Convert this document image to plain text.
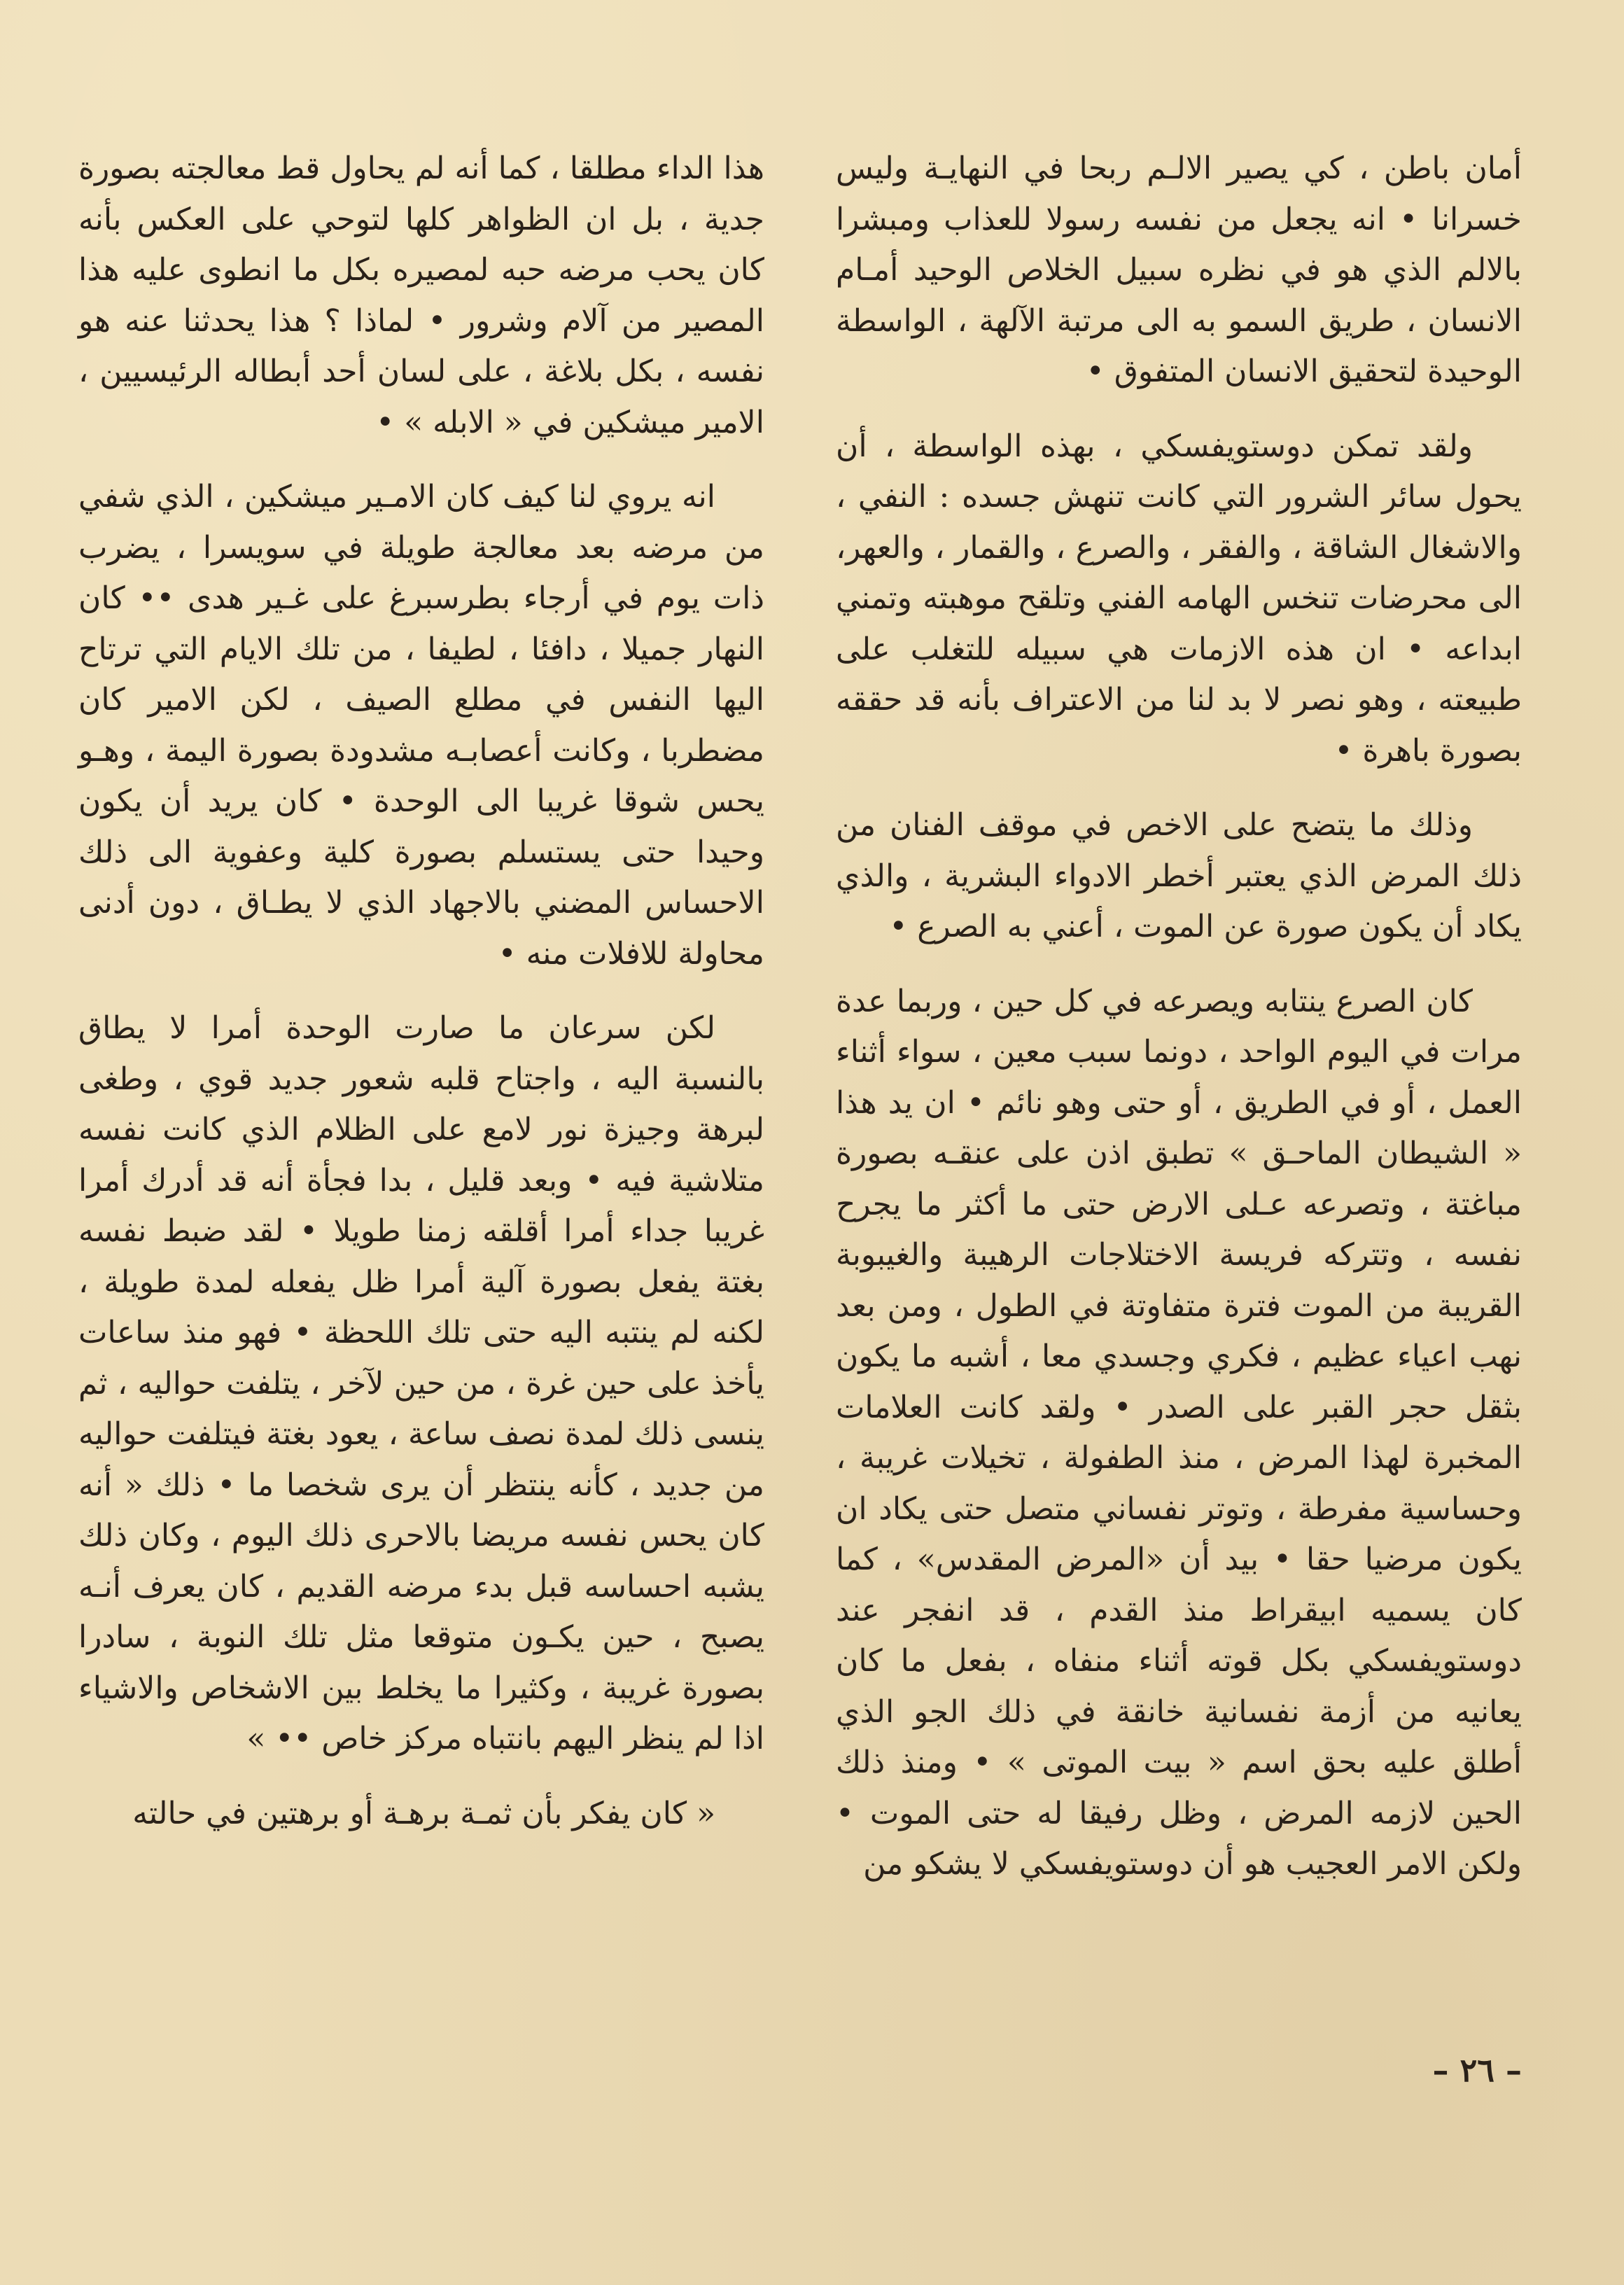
أمان باطن ، كي يصير الالـم ربحا في النهايـة وليس خسرانا • انه يجعل من نفسه رسولا للعذاب ومبشرا بالالم الذي هو في نظره سبيل الخلاص الوحيد أمـام الانسان ، طريق السمو به الى مرتبة الآلهة ، الواسطة الوحيدة لتحقيق الانسان المتفوق •

ولقد تمكن دوستويفسكي ، بهذه الواسطة ، أن يحول سائر الشرور التي كانت تنهش جسده : النفي ، والاشغال الشاقة ، والفقر ، والصرع ، والقمار ، والعهر، الى محرضات تنخس الهامه الفني وتلقح موهبته وتمني ابداعه • ان هذه الازمات هي سبيله للتغلب على طبيعته ، وهو نصر لا بد لنا من الاعتراف بأنه قد حققه بصورة باهرة •

وذلك ما يتضح على الاخص في موقف الفنان من ذلك المرض الذي يعتبر أخطر الادواء البشرية ، والذي يكاد أن يكون صورة عن الموت ، أعني به الصرع •

كان الصرع ينتابه ويصرعه في كل حين ، وربما عدة مرات في اليوم الواحد ، دونما سبب معين ، سواء أثناء العمل ، أو في الطريق ، أو حتى وهو نائم • ان يد هذا « الشيطان الماحـق » تطبق اذن على عنقـه بصورة مباغتة ، وتصرعه عـلى الارض حتى ما أكثر ما يجرح نفسه ، وتتركه فريسة الاختلاجات الرهيبة والغيبوبة القريبة من الموت فترة متفاوتة في الطول ، ومن بعد نهب اعياء عظيم ، فكري وجسدي معا ، أشبه ما يكون بثقل حجر القبر على الصدر • ولقد كانت العلامات المخبرة لهذا المرض ، منذ الطفولة ، تخيلات غريبة ، وحساسية مفرطة ، وتوتر نفساني متصل حتى يكاد ان يكون مرضيا حقا • بيد أن «المرض المقدس» ، كما كان يسميه ابيقراط منذ القدم ، قد انفجر عند دوستويفسكي بكل قوته أثناء منفاه ، بفعل ما كان يعانيه من أزمة نفسانية خانقة في ذلك الجو الذي أطلق عليه بحق اسم « بيت الموتى » • ومنذ ذلك الحين لازمه المرض ، وظل رفيقا له حتى الموت • ولكن الامر العجيب هو أن دوستويفسكي لا يشكو من

هذا الداء مطلقا ، كما أنه لم يحاول قط معالجته بصورة جدية ، بل ان الظواهر كلها لتوحي على العكس بأنه كان يحب مرضه حبه لمصيره بكل ما انطوى عليه هذا المصير من آلام وشرور • لماذا ؟ هذا يحدثنا عنه هو نفسه ، بكل بلاغة ، على لسان أحد أبطاله الرئيسيين ، الامير ميشكين في « الابله » •

انه يروي لنا كيف كان الامـير ميشكين ، الذي شفي من مرضه بعد معالجة طويلة في سويسرا ، يضرب ذات يوم في أرجاء بطرسبرغ على غـير هدى •• كان النهار جميلا ، دافئا ، لطيفا ، من تلك الايام التي ترتاح اليها النفس في مطلع الصيف ، لكن الامير كان مضطربا ، وكانت أعصابـه مشدودة بصورة اليمة ، وهـو يحس شوقا غريبا الى الوحدة • كان يريد أن يكون وحيدا حتى يستسلم بصورة كلية وعفوية الى ذلك الاحساس المضني بالاجهاد الذي لا يطـاق ، دون أدنى محاولة للافلات منه •

لكن سرعان ما صارت الوحدة أمرا لا يطاق بالنسبة اليه ، واجتاح قلبه شعور جديد قوي ، وطغى لبرهة وجيزة نور لامع على الظلام الذي كانت نفسه متلاشية فيه • وبعد قليل ، بدا فجأة أنه قد أدرك أمرا غريبا جداء أمرا أقلقه زمنا طويلا • لقد ضبط نفسه بغتة يفعل بصورة آلية أمرا ظل يفعله لمدة طويلة ، لكنه لم ينتبه اليه حتى تلك اللحظة • فهو منذ ساعات يأخذ على حين غرة ، من حين لآخر ، يتلفت حواليه ، ثم ينسى ذلك لمدة نصف ساعة ، يعود بغتة فيتلفت حواليه من جديد ، كأنه ينتظر أن يرى شخصا ما • ذلك « أنه كان يحس نفسه مريضا بالاحرى ذلك اليوم ، وكان ذلك يشبه احساسه قبل بدء مرضه القديم ، كان يعرف أنـه يصبح ، حين يكـون متوقعا مثل تلك النوبة ، سادرا بصورة غريبة ، وكثيرا ما يخلط بين الاشخاص والاشياء اذا لم ينظر اليهم بانتباه مركز خاص •• »

« كان يفكر بأن ثمـة برهـة أو برهتين في حالته

– ٢٦ –
